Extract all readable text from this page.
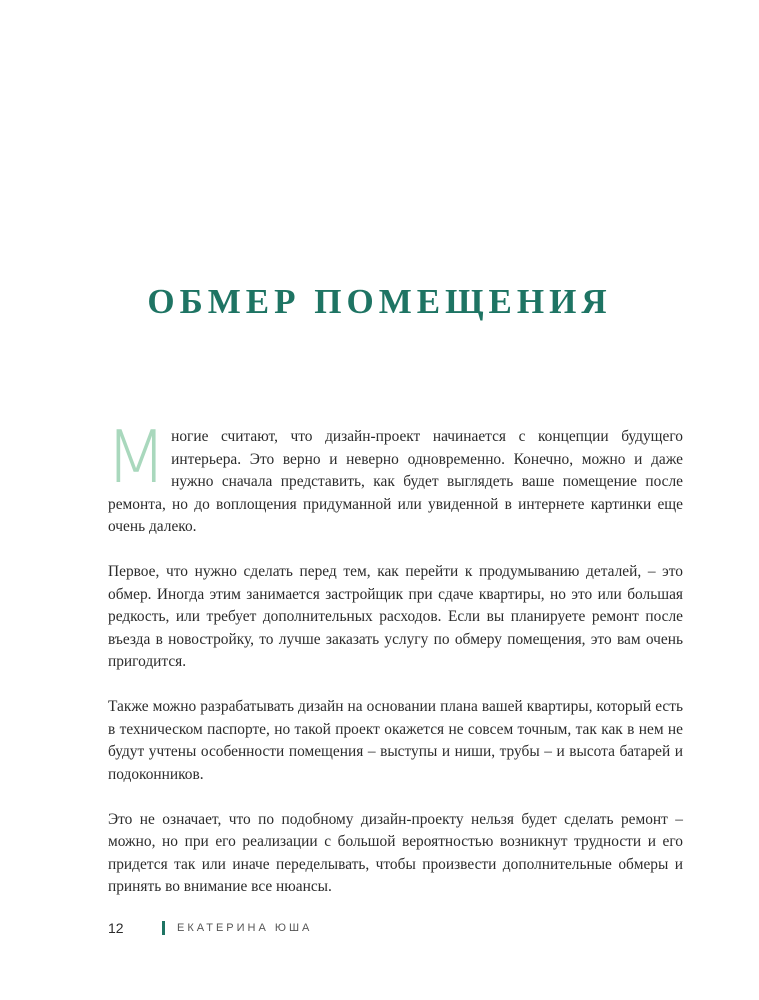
ОБМЕР ПОМЕЩЕНИЯ

Многие считают, что дизайн-проект начинается с концепции будущего интерьера. Это верно и неверно одновременно. Конечно, можно и даже нужно сначала представить, как будет выглядеть ваше помещение после ремонта, но до воплощения придуманной или увиденной в интернете картинки еще очень далеко.

Первое, что нужно сделать перед тем, как перейти к продумыванию деталей, – это обмер. Иногда этим занимается застройщик при сдаче квартиры, но это или большая редкость, или требует дополнительных расходов. Если вы планируете ремонт после въезда в новостройку, то лучше заказать услугу по обмеру помещения, это вам очень пригодится.

Также можно разрабатывать дизайн на основании плана вашей квартиры, который есть в техническом паспорте, но такой проект окажется не совсем точным, так как в нем не будут учтены особенности помещения – выступы и ниши, трубы – и высота батарей и подоконников.

Это не означает, что по подобному дизайн-проекту нельзя будет сделать ремонт – можно, но при его реализации с большой вероятностью возникнут трудности и его придется так или иначе переделывать, чтобы произвести дополнительные обмеры и принять во внимание все нюансы.

12	ЕКАТЕРИНА ЮША
